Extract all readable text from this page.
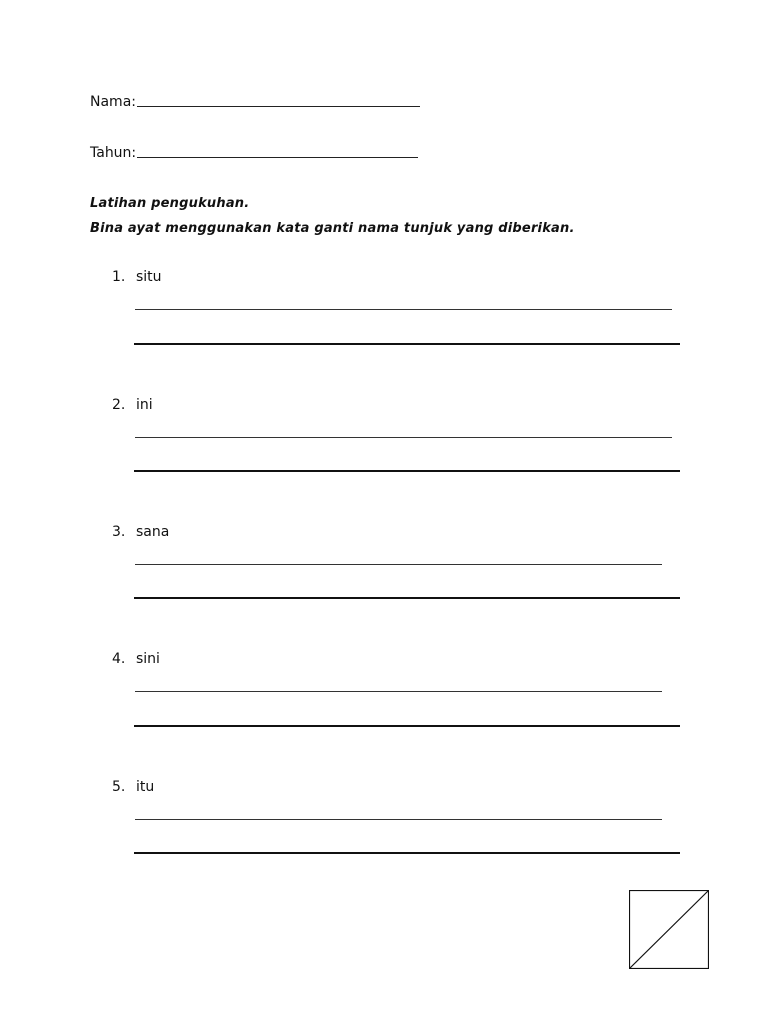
Nama:
Tahun:
Latihan pengukuhan.
Bina ayat menggunakan kata ganti nama tunjuk yang diberikan.
1. situ
2. ini
3. sana
4. sini
5. itu
